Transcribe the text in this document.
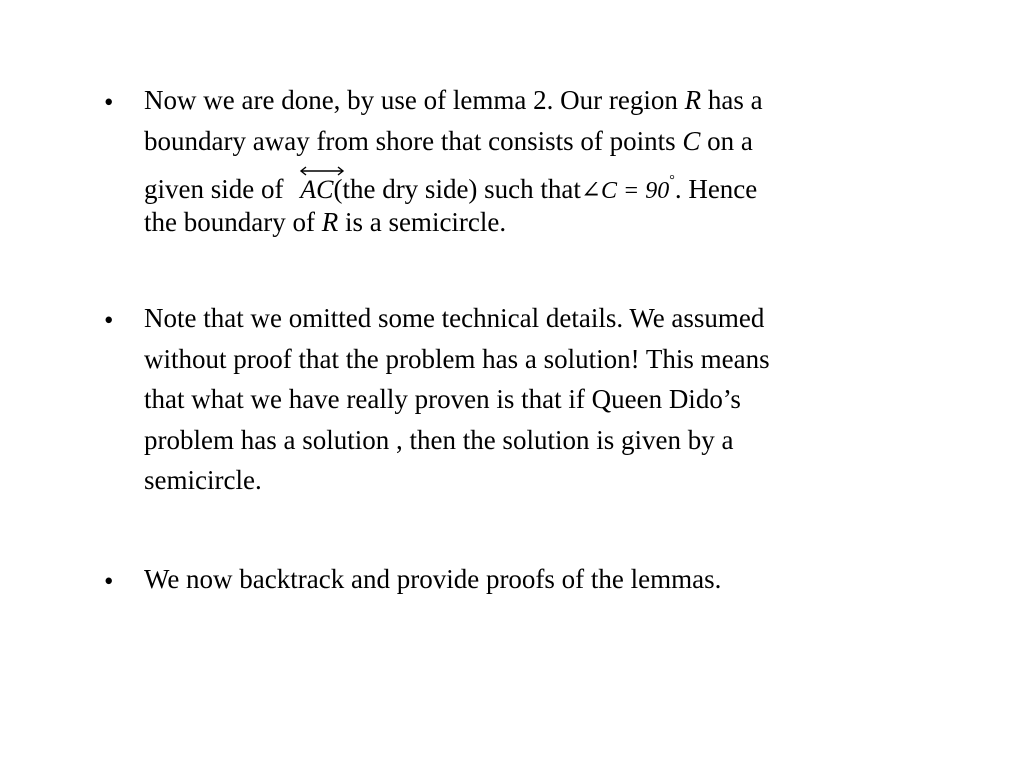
• Now we are done, by use of lemma 2. Our region R has a
boundary away from shore that consists of points C on a
given side of
AC(the dry side) such that∠C = 90°. Hence
the boundary of R is a semicircle.
• Note that we omitted some technical details. We assumed
without proof that the problem has a solution! This means
that what we have really proven is that if Queen Dido’s
problem has a solution , then the solution is given by a
semicircle.
• We now backtrack and provide proofs of the lemmas.
